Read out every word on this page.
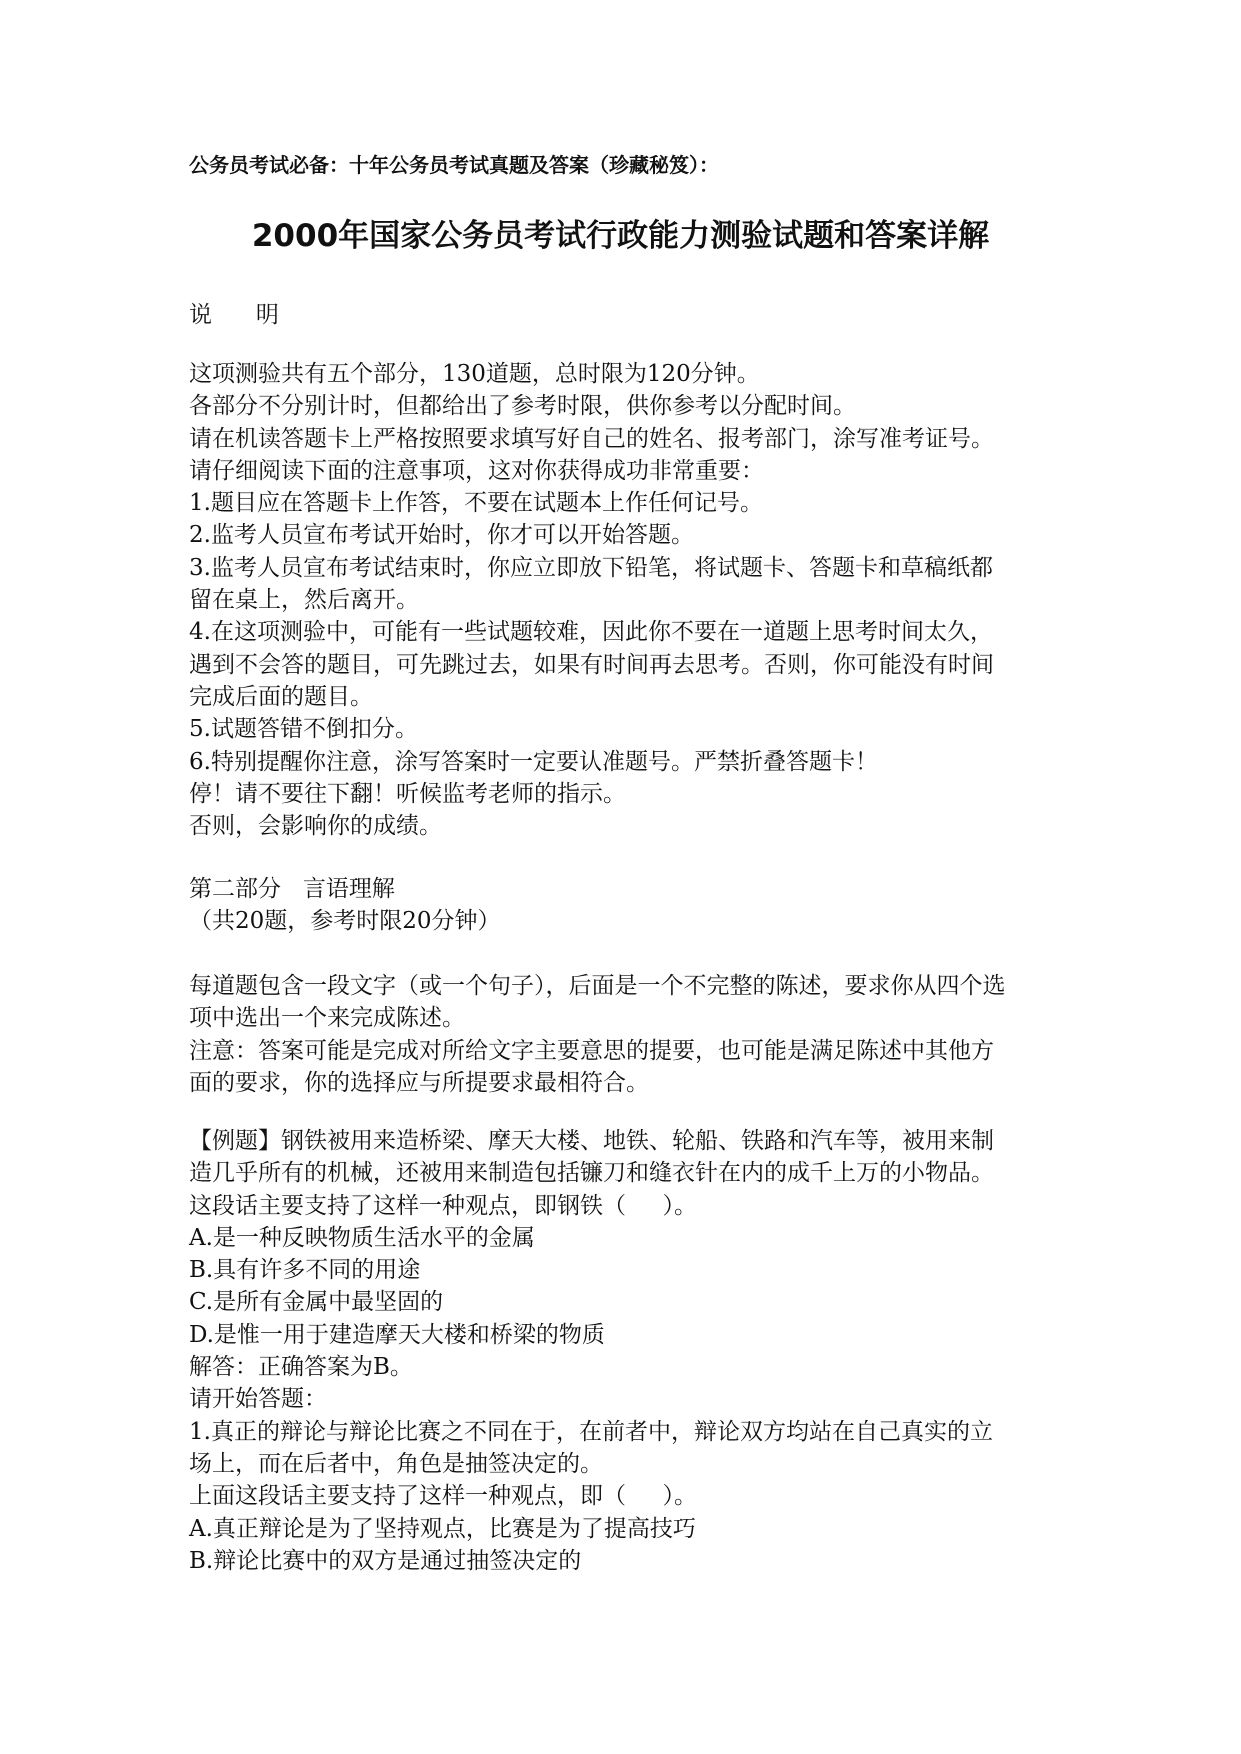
公务员考试必备：十年公务员考试真题及答案（珍藏秘笈）：
2000年国家公务员考试行政能力测验试题和答案详解
说      明
这项测验共有五个部分，130道题，总时限为120分钟。
各部分不分别计时，但都给出了参考时限，供你参考以分配时间。
请在机读答题卡上严格按照要求填写好自己的姓名、报考部门，涂写准考证号。
请仔细阅读下面的注意事项，这对你获得成功非常重要：
1.题目应在答题卡上作答，不要在试题本上作任何记号。
2.监考人员宣布考试开始时，你才可以开始答题。
3.监考人员宣布考试结束时，你应立即放下铅笔，将试题卡、答题卡和草稿纸都
留在桌上，然后离开。
4.在这项测验中，可能有一些试题较难，因此你不要在一道题上思考时间太久，
遇到不会答的题目，可先跳过去，如果有时间再去思考。否则，你可能没有时间
完成后面的题目。
5.试题答错不倒扣分。
6.特别提醒你注意，涂写答案时一定要认准题号。严禁折叠答题卡！
停！请不要往下翻！听候监考老师的指示。
否则，会影响你的成绩。
第二部分   言语理解
（共20题，参考时限20分钟）
每道题包含一段文字（或一个句子），后面是一个不完整的陈述，要求你从四个选
项中选出一个来完成陈述。
注意：答案可能是完成对所给文字主要意思的提要，也可能是满足陈述中其他方
面的要求，你的选择应与所提要求最相符合。
【例题】钢铁被用来造桥梁、摩天大楼、地铁、轮船、铁路和汽车等，被用来制
造几乎所有的机械，还被用来制造包括镰刀和缝衣针在内的成千上万的小物品。
这段话主要支持了这样一种观点，即钢铁（     ）。
A.是一种反映物质生活水平的金属
B.具有许多不同的用途
C.是所有金属中最坚固的
D.是惟一用于建造摩天大楼和桥梁的物质
解答：正确答案为B。
请开始答题：
1.真正的辩论与辩论比赛之不同在于，在前者中，辩论双方均站在自己真实的立
场上，而在后者中，角色是抽签决定的。
上面这段话主要支持了这样一种观点，即（     ）。
A.真正辩论是为了坚持观点，比赛是为了提高技巧
B.辩论比赛中的双方是通过抽签决定的
